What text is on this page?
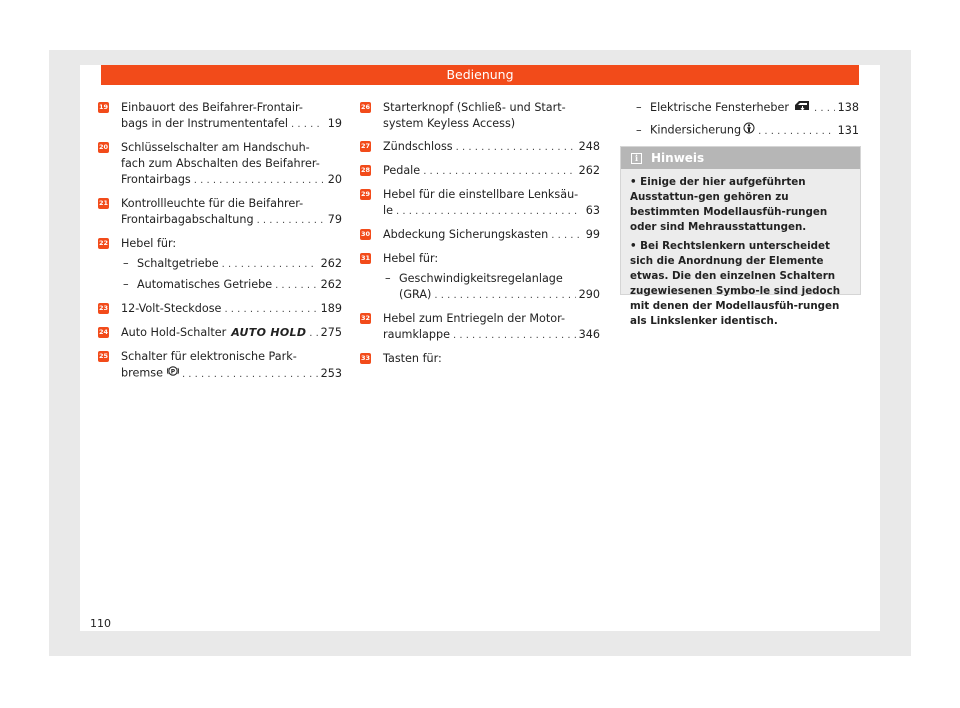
Bedienung
19 Einbauort des Beifahrer-Frontair-
bags in der Instrumententafel . . .	19
20 Schlüsselschalter am Handschuh-
fach zum Abschalten des Beifahrer-
Frontairbags . . .	20
21 Kontrollleuchte für die Beifahrer-
Frontairbagabschaltung . . .	79
22 Hebel für:
– Schaltgetriebe . . .	262
– Automatisches Getriebe . . .	262
23 12-Volt-Steckdose . . .	189
24 Auto Hold-Schalter AUTO HOLD . . . 275
25 Schalter für elektronische Park-
bremse P . . .	253
26 Starterknopf (Schließ- und Start-
system Keyless Access)
27 Zündschloss . . .	248
28 Pedale . . .	262
29 Hebel für die einstellbare Lenksäu-
le . . .	63
30 Abdeckung Sicherungskasten . . .	99
31 Hebel für:
– Geschwindigkeitsregelanlage
(GRA) . . .	290
32 Hebel zum Entriegeln der Motor-
raumklappe . . .	346
33 Tasten für:
– Elektrische Fensterheber . . .	138
– Kindersicherung . . .	131
i Hinweis

• Einige der hier aufgeführten Ausstattun-gen gehören zu bestimmten Modellausfüh-rungen oder sind Mehrausstattungen.

• Bei Rechtslenkern unterscheidet sich die Anordnung der Elemente etwas. Die den einzelnen Schaltern zugewiesenen Symbo-le sind jedoch mit denen der Modellausfüh-rungen als Linkslenker identisch.

110
